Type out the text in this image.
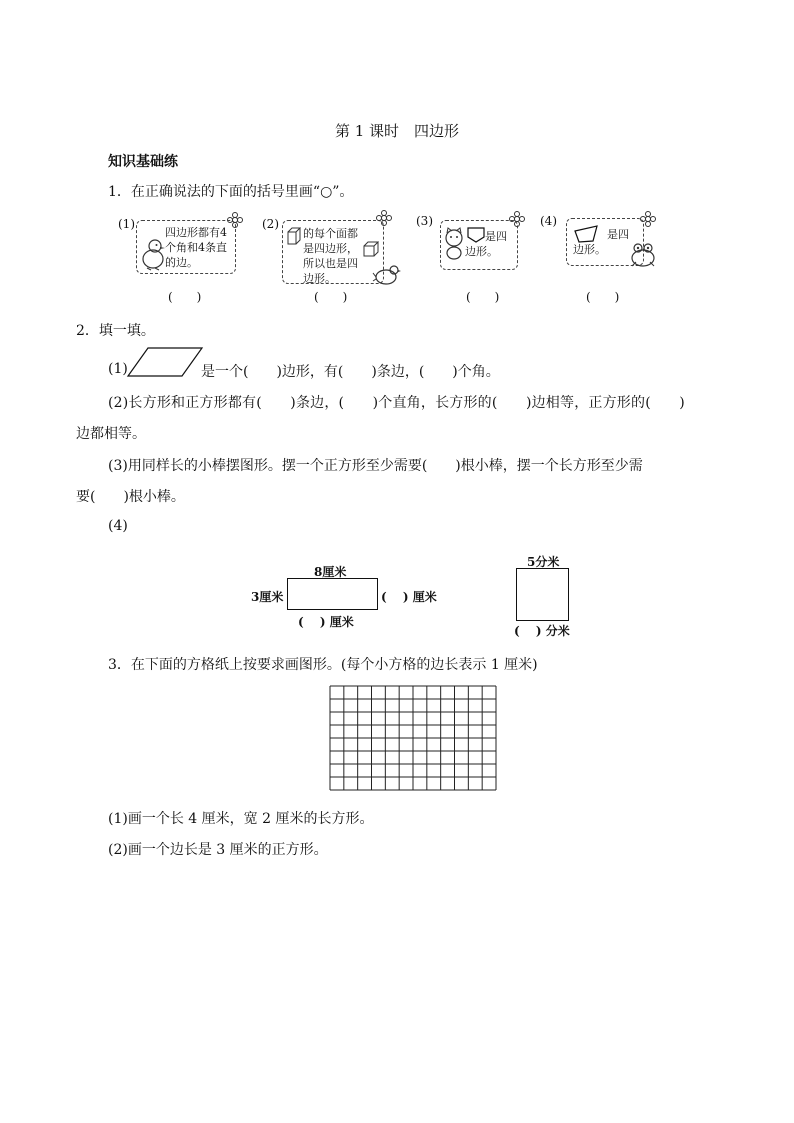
第 1 课时　四边形
知识基础练
1．在正确说法的下面的括号里画“○”。
(1)
四边形都有4个角和4条直的边。
(　　)
(2)
的每个面都是四边形，所以也是四边形。
(　　)
(3)
是四边形。
(　　)
(4)
是四边形。
(　　)
2．填一填。
(1)	是一个(　　)边形，有(　　)条边，(　　)个角。
(2)长方形和正方形都有(　　)条边，(　　)个直角，长方形的(　　)边相等，正方形的(　　)
边都相等。
(3)用同样长的小棒摆图形。摆一个正方形至少需要(　　)根小棒，摆一个长方形至少需
要(　　)根小棒。
(4)
8厘米
3厘米	(　 ) 厘米
(　 ) 厘米
5分米
(　 ) 分米
3．在下面的方格纸上按要求画图形。(每个小方格的边长表示 1 厘米)
(1)画一个长 4 厘米，宽 2 厘米的长方形。
(2)画一个边长是 3 厘米的正方形。
